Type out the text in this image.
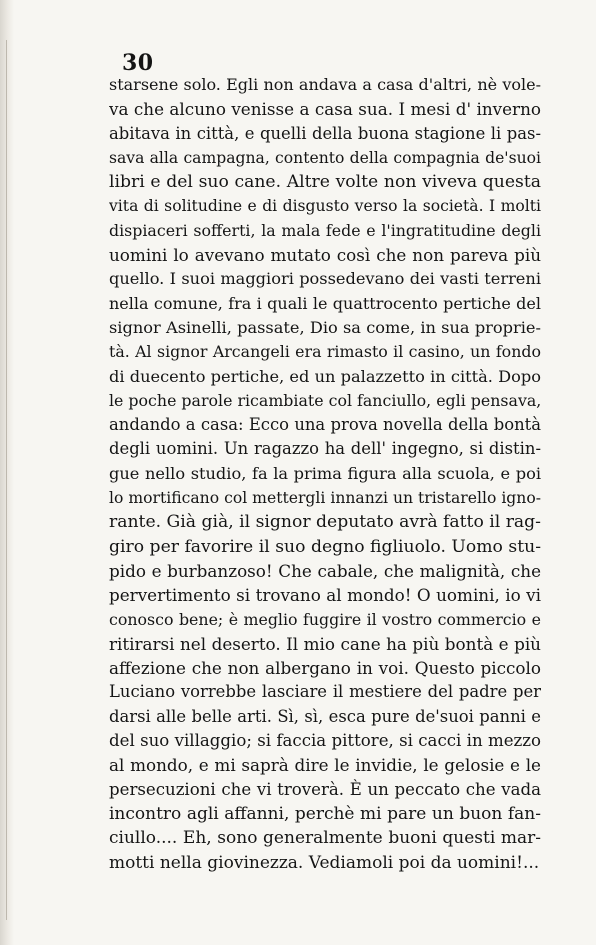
30

starsene solo. Egli non andava a casa d'altri, nè vole-
va che alcuno venisse a casa sua. I mesi d' inverno
abitava in città, e quelli della buona stagione li pas-
sava alla campagna, contento della compagnia de'suoi
libri e del suo cane. Altre volte non viveva questa
vita di solitudine e di disgusto verso la società. I molti
dispiaceri sofferti, la mala fede e l'ingratitudine degli
uomini lo avevano mutato così che non pareva più
quello. I suoi maggiori possedevano dei vasti terreni
nella comune, fra i quali le quattrocento pertiche del
signor Asinelli, passate, Dio sa come, in sua proprie-
tà. Al signor Arcangeli era rimasto il casino, un fondo
di duecento pertiche, ed un palazzetto in città. Dopo
le poche parole ricambiate col fanciullo, egli pensava,
andando a casa: Ecco una prova novella della bontà
degli uomini. Un ragazzo ha dell' ingegno, si distin-
gue nello studio, fa la prima figura alla scuola, e poi
lo mortificano col mettergli innanzi un tristarello igno-
rante. Già già, il signor deputato avrà fatto il rag-
giro per favorire il suo degno figliuolo. Uomo stu-
pido e burbanzoso! Che cabale, che malignità, che
pervertimento si trovano al mondo! O uomini, io vi
conosco bene; è meglio fuggire il vostro commercio e
ritirarsi nel deserto. Il mio cane ha più bontà e più
affezione che non albergano in voi. Questo piccolo
Luciano vorrebbe lasciare il mestiere del padre per
darsi alle belle arti. Sì, sì, esca pure de'suoi panni e
del suo villaggio; si faccia pittore, si cacci in mezzo
al mondo, e mi saprà dire le invidie, le gelosie e le
persecuzioni che vi troverà. È un peccato che vada
incontro agli affanni, perchè mi pare un buon fan-
ciullo.... Eh, sono generalmente buoni questi mar-
motti nella giovinezza. Vediamoli poi da uomini!...
